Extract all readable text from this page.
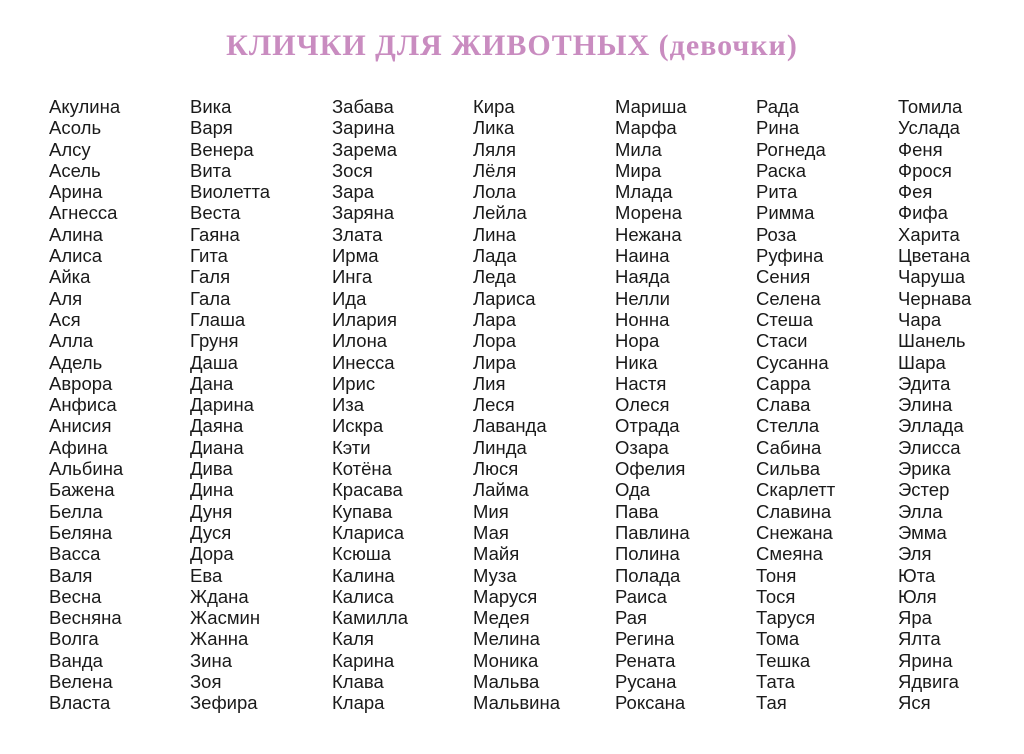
КЛИЧКИ ДЛЯ ЖИВОТНЫХ (девочки)
Акулина
Асоль
Алсу
Асель
Арина
Агнесса
Алина
Алиса
Айка
Аля
Ася
Алла
Адель
Аврора
Анфиса
Анисия
Афина
Альбина
Бажена
Белла
Беляна
Васса
Валя
Весна
Весняна
Волга
Ванда
Велена
Власта
Вика
Варя
Венера
Вита
Виолетта
Веста
Гаяна
Гита
Галя
Гала
Глаша
Груня
Даша
Дана
Дарина
Даяна
Диана
Дива
Дина
Дуня
Дуся
Дора
Ева
Ждана
Жасмин
Жанна
Зина
Зоя
Зефира
Забава
Зарина
Зарема
Зося
Зара
Заряна
Злата
Ирма
Инга
Ида
Илария
Илона
Инесса
Ирис
Иза
Искра
Кэти
Котёна
Красава
Купава
Клариса
Ксюша
Калина
Калиса
Камилла
Каля
Карина
Клава
Клара
Кира
Лика
Ляля
Лёля
Лола
Лейла
Лина
Лада
Леда
Лариса
Лара
Лора
Лира
Лия
Леся
Лаванда
Линда
Люся
Лайма
Мия
Мая
Майя
Муза
Маруся
Медея
Мелина
Моника
Мальва
Мальвина
Мариша
Марфа
Мила
Мира
Млада
Морена
Нежана
Наина
Наяда
Нелли
Нонна
Нора
Ника
Настя
Олеся
Отрада
Озара
Офелия
Ода
Пава
Павлина
Полина
Полада
Раиса
Рая
Регина
Рената
Русана
Роксана
Рада
Рина
Рогнеда
Раска
Рита
Римма
Роза
Руфина
Сения
Селена
Стеша
Стаси
Сусанна
Сарра
Слава
Стелла
Сабина
Сильва
Скарлетт
Славина
Снежана
Смеяна
Тоня
Тося
Таруся
Тома
Тешка
Тата
Тая
Томила
Услада
Феня
Фрося
Фея
Фифа
Харита
Цветана
Чаруша
Чернава
Чара
Шанель
Шара
Эдита
Элина
Эллада
Элисса
Эрика
Эстер
Элла
Эмма
Эля
Юта
Юля
Яра
Ялта
Ярина
Ядвига
Яся
